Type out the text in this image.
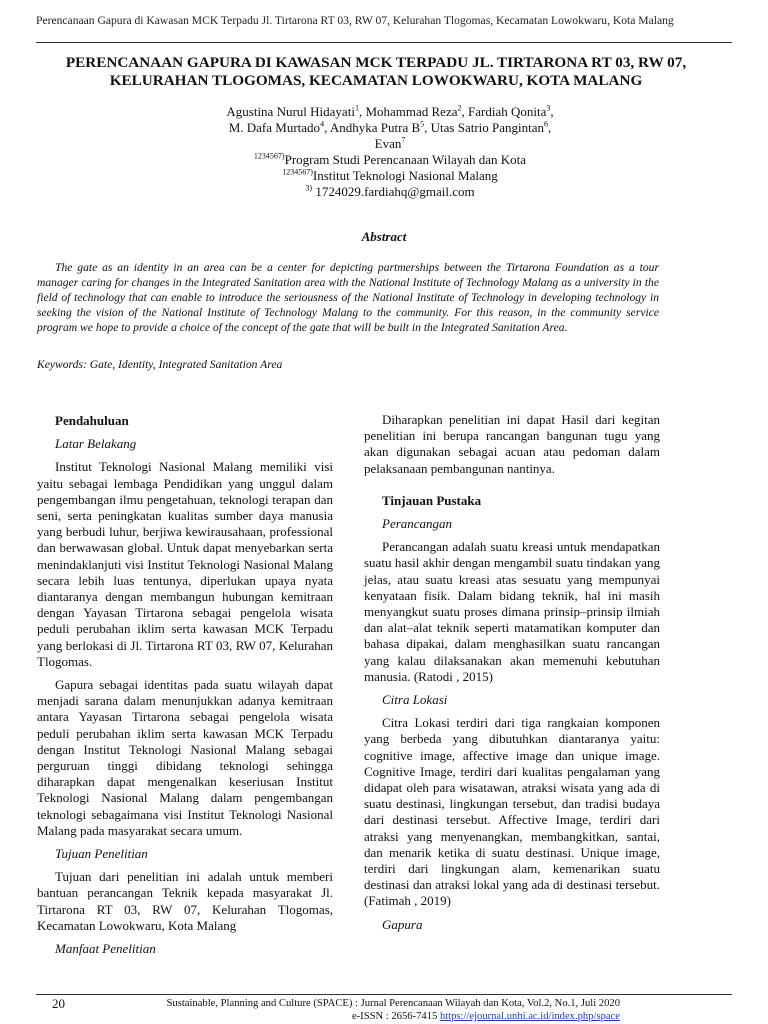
Perencanaan Gapura di Kawasan MCK Terpadu Jl. Tirtarona RT 03, RW 07, Kelurahan Tlogomas, Kecamatan Lowokwaru, Kota Malang
PERENCANAAN GAPURA DI KAWASAN MCK TERPADU JL. TIRTARONA RT 03, RW 07, KELURAHAN TLOGOMAS, KECAMATAN LOWOKWARU, KOTA MALANG
Agustina Nurul Hidayati$^1$, Mohammad Reza$^2$, Fardiah Qonita$^3$,
M. Dafa Murtado$^4$, Andhyka Putra $B^5$, Utas Satrio Pangintan$^6$,
Evan$^7$
$^{1234567)}$Program Studi Perencanaan Wilayah dan Kota
$^{1234567)}$Institut Teknologi Nasional Malang
$^{3)}$ 1724029.fardiahq@gmail.com
Abstract

The gate as an identity in an area can be a center for depicting partmerships between the Tirtarona Foundation as a tour manager caring for changes in the Integrated Sanitation area with the National Institute of Technology Malang as a university in the field of technology that can enable to introduce the seriousness of the National Institute of Technology in developing technology in seeking the vision of the National Institute of Technology Malang to the community. For this reason, in the community service program we hope to provide a choice of the concept of the gate that will be built in the Integrated Sanitation Area.

Keywords: Gate, Identity, Integrated Sanitation Area
Pendahuluan
Latar Belakang

Institut Teknologi Nasional Malang memiliki visi yaitu sebagai lembaga Pendidikan yang unggul dalam pengembangan ilmu pengetahuan, teknologi terapan dan seni, serta peningkatan kualitas sumber daya manusia yang berbudi luhur, berjiwa kewirausahaan, professional dan berwawasan global. Untuk dapat menyebarkan serta menindaklanjuti visi Institut Teknologi Nasional Malang secara lebih luas tentunya, diperlukan upaya nyata diantaranya dengan membangun hubungan kemitraan dengan Yayasan Tirtarona sebagai pengelola wisata peduli perubahan iklim serta kawasan MCK Terpadu yang berlokasi di Jl. Tirtarona RT 03, RW 07, Kelurahan Tlogomas.

Gapura sebagai identitas pada suatu wilayah dapat menjadi sarana dalam menunjukkan adanya kemitraan antara Yayasan Tirtarona sebagai pengelola wisata peduli perubahan iklim serta kawasan MCK Terpadu dengan Institut Teknologi Nasional Malang sebagai perguruan tinggi dibidang teknologi sehingga diharapkan dapat mengenalkan keseriusan Institut Teknologi Nasional Malang dalam pengembangan teknologi sebagaimana visi Institut Teknologi Nasional Malang pada masyarakat secara umum.

Tujuan Penelitian

Tujuan dari penelitian ini adalah untuk memberi bantuan perancangan Teknik kepada masyarakat Jl. Tirtarona RT 03, RW 07, Kelurahan Tlogomas, Kecamatan Lowokwaru, Kota Malang

Manfaat Penelitian

Diharapkan penelitian ini dapat Hasil dari kegitan penelitian ini berupa rancangan bangunan tugu yang akan digunakan sebagai acuan atau pedoman dalam pelaksanaan pembangunan nantinya.

Tinjauan Pustaka
Perancangan

Perancangan adalah suatu kreasi untuk mendapatkan suatu hasil akhir dengan mengambil suatu tindakan yang jelas, atau suatu kreasi atas sesuatu yang mempunyai kenyataan fisik. Dalam bidang teknik, hal ini masih menyangkut suatu proses dimana prinsip–prinsip ilmiah dan alat–alat teknik seperti matamatikan komputer dan bahasa dipakai, dalam menghasilkan suatu rancangan yang kalau dilaksanakan akan memenuhi kebutuhan manusia. (Ratodi , 2015)

Citra Lokasi

Citra Lokasi terdiri dari tiga rangkaian komponen yang berbeda yang dibutuhkan diantaranya yaitu: cognitive image, affective image dan unique image. Cognitive Image, terdiri dari kualitas pengalaman yang didapat oleh para wisatawan, atraksi wisata yang ada di suatu destinasi, lingkungan tersebut, dan tradisi budaya dari destinasi tersebut. Affective Image, terdiri dari atraksi yang menyenangkan, membangkitkan, santai, dan menarik ketika di suatu destinasi. Unique image, terdiri dari lingkungan alam, kemenarikan suatu destinasi dan atraksi lokal yang ada di destinasi tersebut. (Fatimah , 2019)

Gapura
20	Sustainable, Planning and Culture (SPACE) : Jurnal Perencanaan Wilayah dan Kota, Vol.2, No.1, Juli 2020
e-ISSN : 2656-7415 https://ejournal.unhi.ac.id/index.php/space
